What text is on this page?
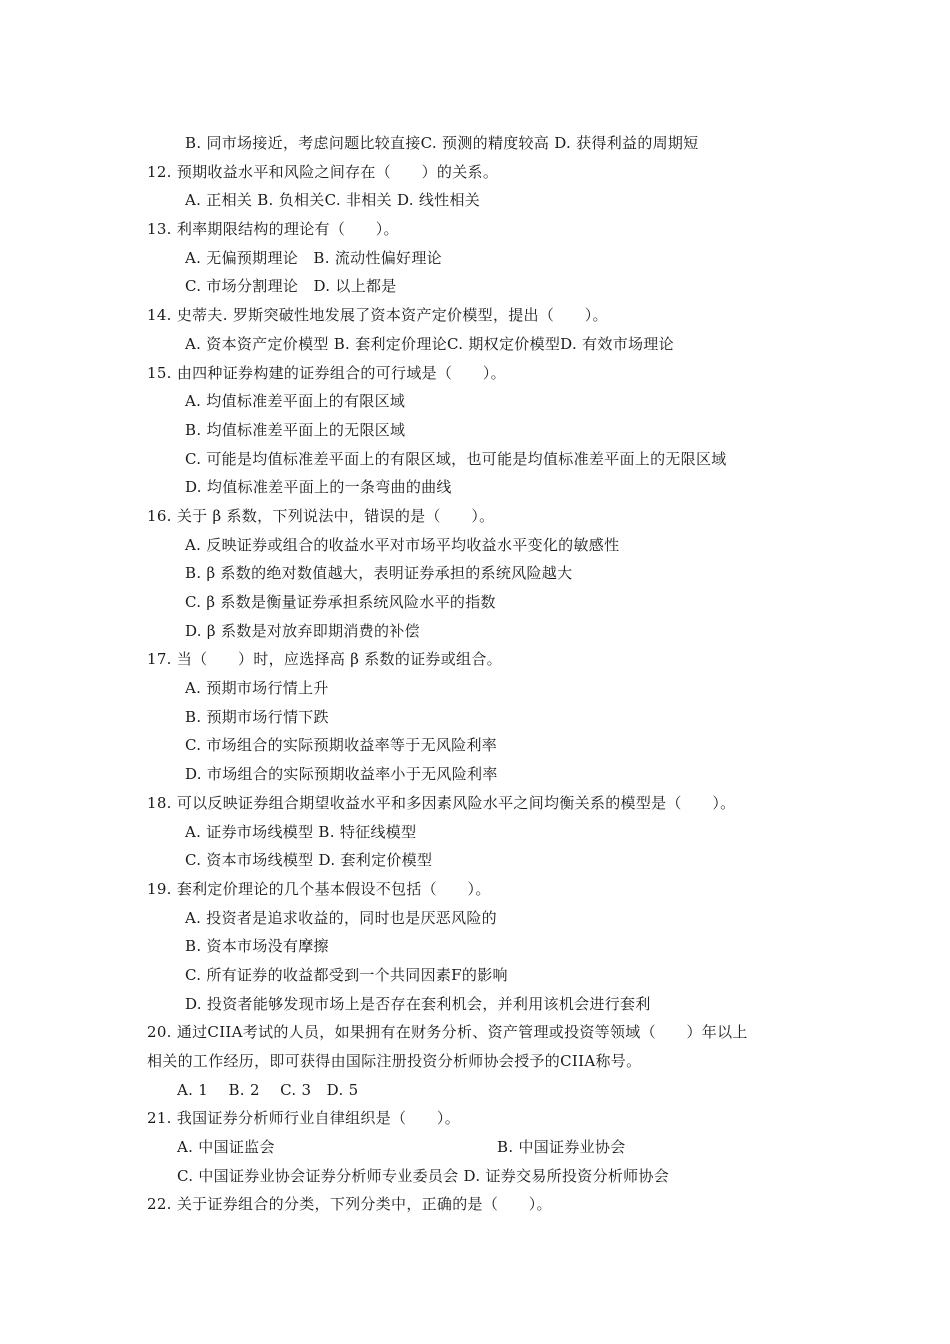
B. 同市场接近，考虑问题比较直接C. 预测的精度较高 D. 获得利益的周期短
12. 预期收益水平和风险之间存在（　　）的关系。
A. 正相关 B. 负相关C. 非相关 D. 线性相关
13. 利率期限结构的理论有（　　）。
A. 无偏预期理论　B. 流动性偏好理论
C. 市场分割理论　D. 以上都是
14. 史蒂夫. 罗斯突破性地发展了资本资产定价模型，提出（　　）。
A. 资本资产定价模型 B. 套利定价理论C. 期权定价模型D. 有效市场理论
15. 由四种证券构建的证券组合的可行域是（　　）。
A. 均值标准差平面上的有限区域
B. 均值标准差平面上的无限区域
C. 可能是均值标准差平面上的有限区域，也可能是均值标准差平面上的无限区域
D. 均值标准差平面上的一条弯曲的曲线
16. 关于 β 系数，下列说法中，错误的是（　　）。
A. 反映证券或组合的收益水平对市场平均收益水平变化的敏感性
B. β 系数的绝对数值越大，表明证券承担的系统风险越大
C. β 系数是衡量证券承担系统风险水平的指数
D. β 系数是对放弃即期消费的补偿
17. 当（　　）时，应选择高 β 系数的证券或组合。
A. 预期市场行情上升
B. 预期市场行情下跌
C. 市场组合的实际预期收益率等于无风险利率
D. 市场组合的实际预期收益率小于无风险利率
18. 可以反映证券组合期望收益水平和多因素风险水平之间均衡关系的模型是（　　）。
A. 证券市场线模型 B. 特征线模型
C. 资本市场线模型 D. 套利定价模型
19. 套利定价理论的几个基本假设不包括（　　）。
A. 投资者是追求收益的，同时也是厌恶风险的
B. 资本市场没有摩擦
C. 所有证券的收益都受到一个共同因素F的影响
D. 投资者能够发现市场上是否存在套利机会，并利用该机会进行套利
20. 通过CIIA考试的人员，如果拥有在财务分析、资产管理或投资等领域（　　）年以上
相关的工作经历，即可获得由国际注册投资分析师协会授予的CIIA称号。
A. 1　 B. 2　 C. 3　D. 5
21. 我国证券分析师行业自律组织是（　　）。
A. 中国证监会	B. 中国证券业协会
C. 中国证券业协会证券分析师专业委员会 D. 证券交易所投资分析师协会
22. 关于证券组合的分类，下列分类中，正确的是（　　）。
